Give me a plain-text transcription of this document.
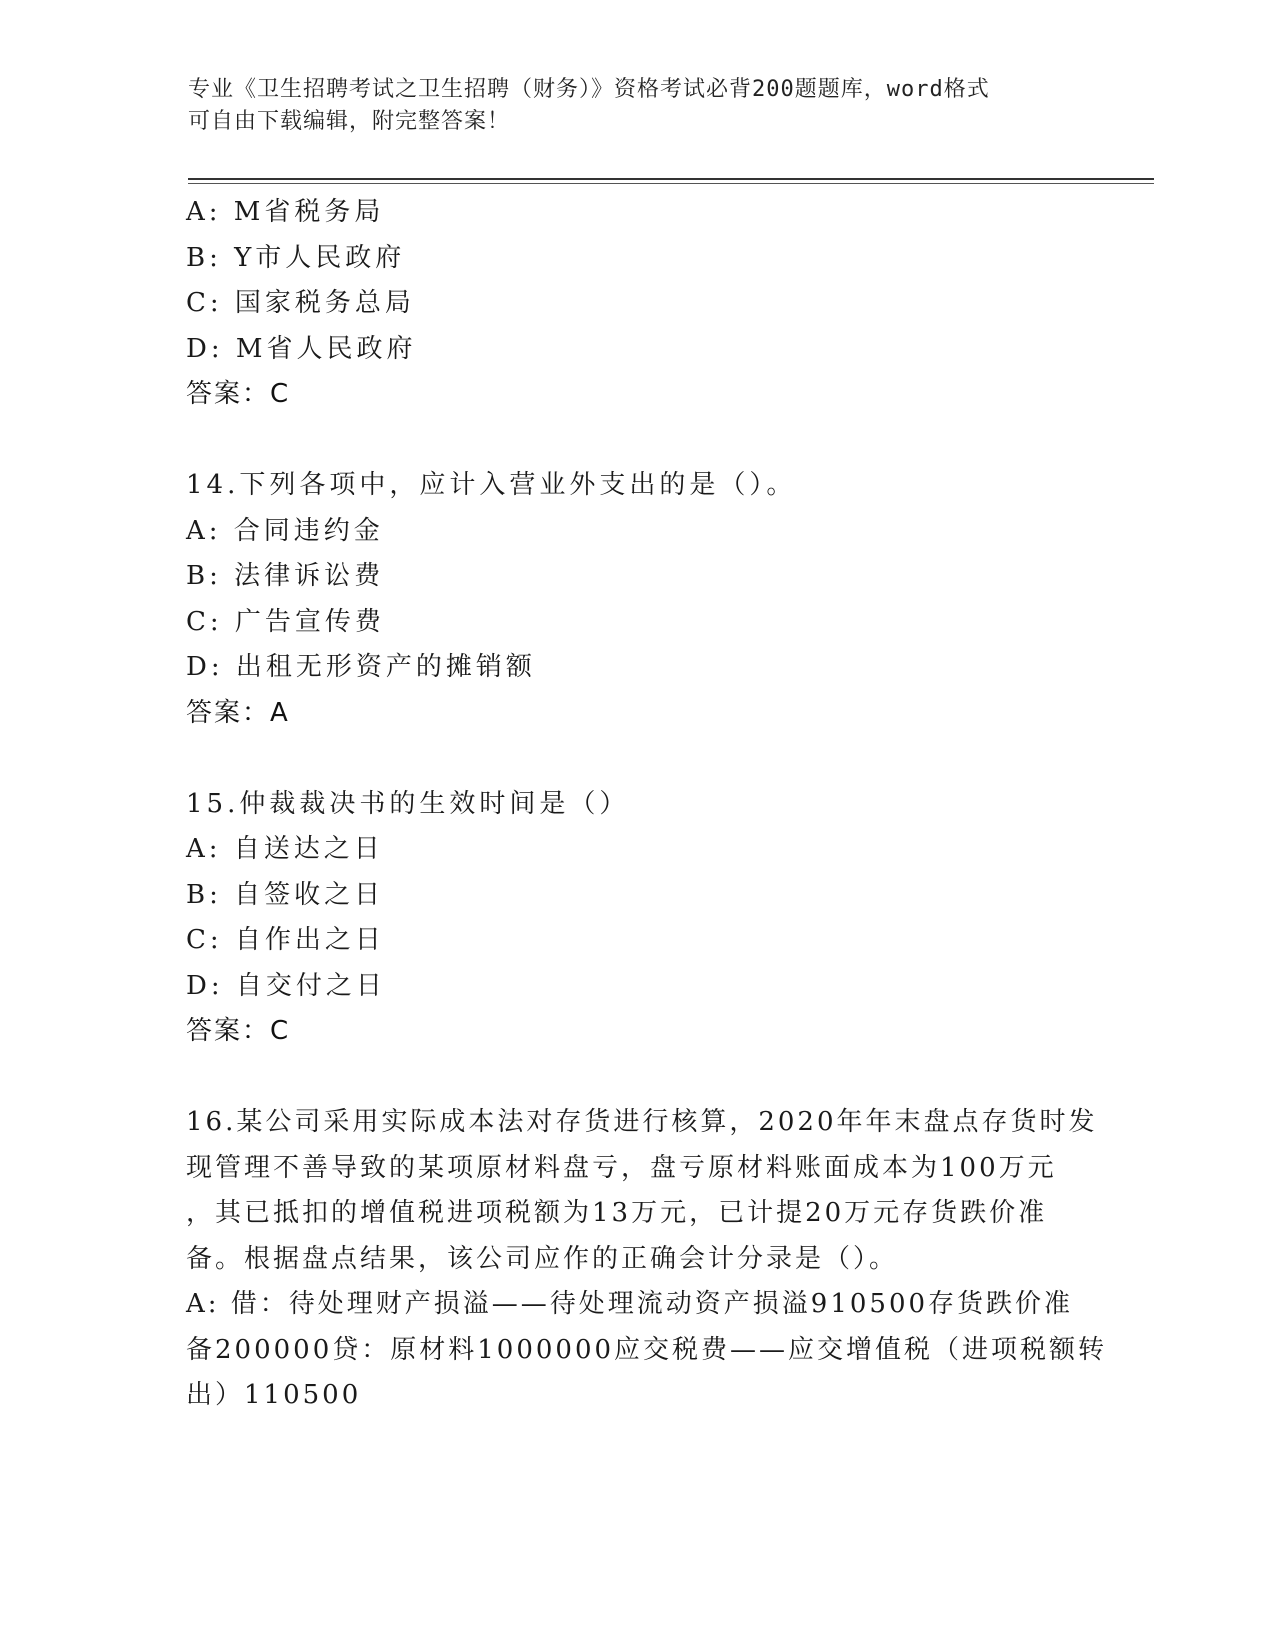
专业《卫生招聘考试之卫生招聘（财务）》资格考试必背200题题库，word格式
可自由下载编辑，附完整答案！
A: M省税务局
B: Y市人民政府
C: 国家税务总局
D: M省人民政府
答案：C
14.下列各项中，应计入营业外支出的是（）。
A: 合同违约金
B: 法律诉讼费
C: 广告宣传费
D: 出租无形资产的摊销额
答案：A
15.仲裁裁决书的生效时间是（）
A: 自送达之日
B: 自签收之日
C: 自作出之日
D: 自交付之日
答案：C
16.某公司采用实际成本法对存货进行核算，2020年年末盘点存货时发
现管理不善导致的某项原材料盘亏，盘亏原材料账面成本为100万元
，其已抵扣的增值税进项税额为13万元，已计提20万元存货跌价准
备。根据盘点结果，该公司应作的正确会计分录是（）。
A: 借：待处理财产损溢——待处理流动资产损溢910500存货跌价准
备200000贷：原材料1000000应交税费——应交增值税（进项税额转
出）110500
